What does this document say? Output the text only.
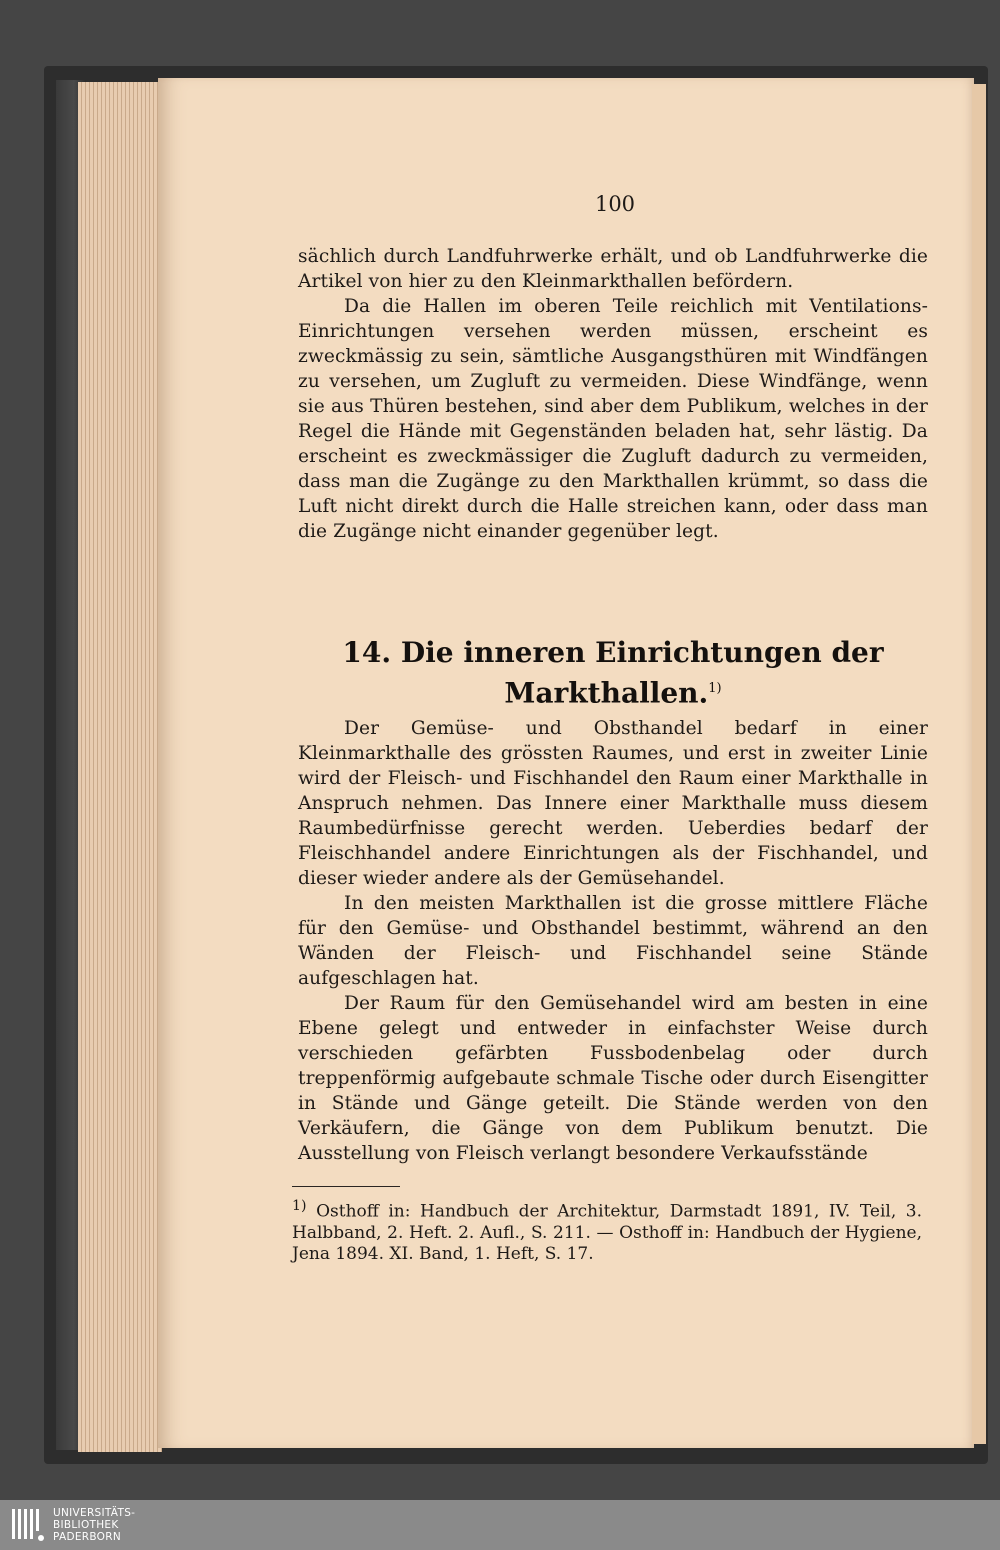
100

sächlich durch Landfuhrwerke erhält, und ob Landfuhrwerke die Artikel von hier zu den Kleinmarkthallen befördern.

Da die Hallen im oberen Teile reichlich mit Ventilations-Einrichtungen versehen werden müssen, erscheint es zweckmässig zu sein, sämtliche Ausgangsthüren mit Windfängen zu versehen, um Zugluft zu vermeiden. Diese Windfänge, wenn sie aus Thüren bestehen, sind aber dem Publikum, welches in der Regel die Hände mit Gegenständen beladen hat, sehr lästig. Da erscheint es zweckmässiger die Zugluft dadurch zu vermeiden, dass man die Zugänge zu den Markthallen krümmt, so dass die Luft nicht direkt durch die Halle streichen kann, oder dass man die Zugänge nicht einander gegenüber legt.

14. Die inneren Einrichtungen der
Markthallen.$^{1)}$

Der Gemüse- und Obsthandel bedarf in einer Kleinmarkthalle des grössten Raumes, und erst in zweiter Linie wird der Fleisch- und Fischhandel den Raum einer Markthalle in Anspruch nehmen. Das Innere einer Markthalle muss diesem Raumbedürfnisse gerecht werden. Ueberdies bedarf der Fleischhandel andere Einrichtungen als der Fischhandel, und dieser wieder andere als der Gemüsehandel.

In den meisten Markthallen ist die grosse mittlere Fläche für den Gemüse- und Obsthandel bestimmt, während an den Wänden der Fleisch- und Fischhandel seine Stände aufgeschlagen hat.

Der Raum für den Gemüsehandel wird am besten in eine Ebene gelegt und entweder in einfachster Weise durch verschieden gefärbten Fussbodenbelag oder durch treppenförmig aufgebaute schmale Tische oder durch Eisengitter in Stände und Gänge geteilt. Die Stände werden von den Verkäufern, die Gänge von dem Publikum benutzt. Die Ausstellung von Fleisch verlangt besondere Verkaufsstände

$^{1)}$ Osthoff in: Handbuch der Architektur, Darmstadt 1891, IV. Teil, 3. Halbband, 2. Heft. 2. Aufl., S. 211. — Osthoff in: Handbuch der Hygiene, Jena 1894. XI. Band, 1. Heft, S. 17.
UNIVERSITÄTS-
BIBLIOTHEK
PADERBORN
